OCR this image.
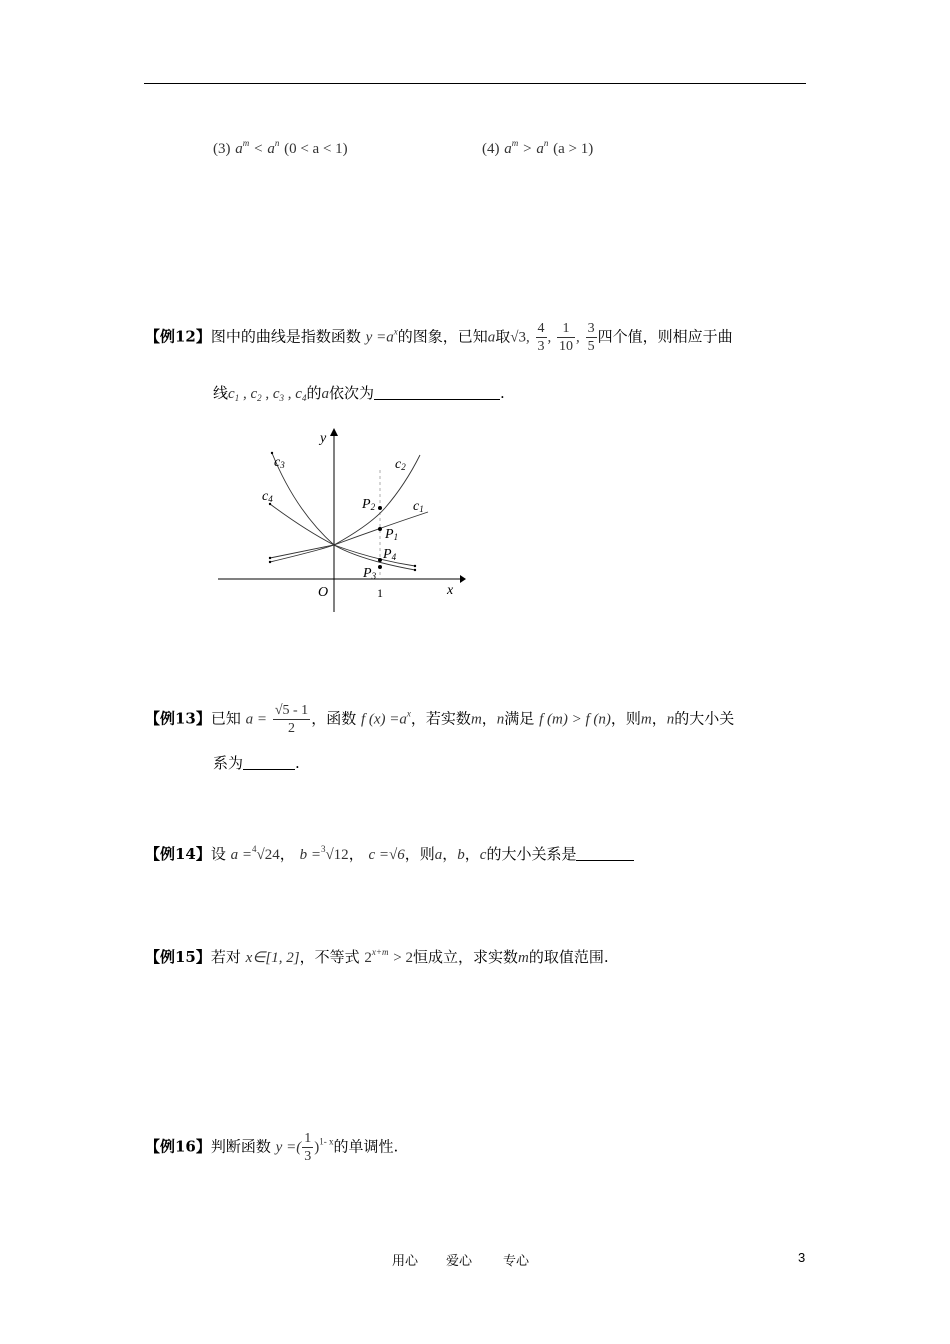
(3) $a^m < a^n$ (0 < a < 1)	(4) $a^m > a^n$ (a > 1)
【例12】图中的曲线是指数函数 $y =a^x$的图象，已知a取√3, $\frac{4}{3}$ , $\frac{1}{10}$ , $\frac{3}{5}$ 四个值，则相应于曲
线$c_1$ , $c_2$ , $c_3$ , $c_4$的a依次为	.
y
x
O	1
c3	c2
c4	c1
P2
P1
P4
P3
【例13】已知 $a = \frac{√5 - 1}{2}$ ，函数 f $(x) =a^x$，若实数m，n满足 f (m) > f (n)，则m，n的大小关
系为	.
【例14】设 a =$^4$√24， b =$^3$√12， c =√6，则a，b，c的大小关系是
【例15】若对 x∈[1, 2]，不等式 $2^{x+m} > 2$恒成立，求实数m的取值范围.
【例16】判断函数 y =( $\frac{1}{3} )^{1- x}$的单调性.
用心 爱心 专心	3
